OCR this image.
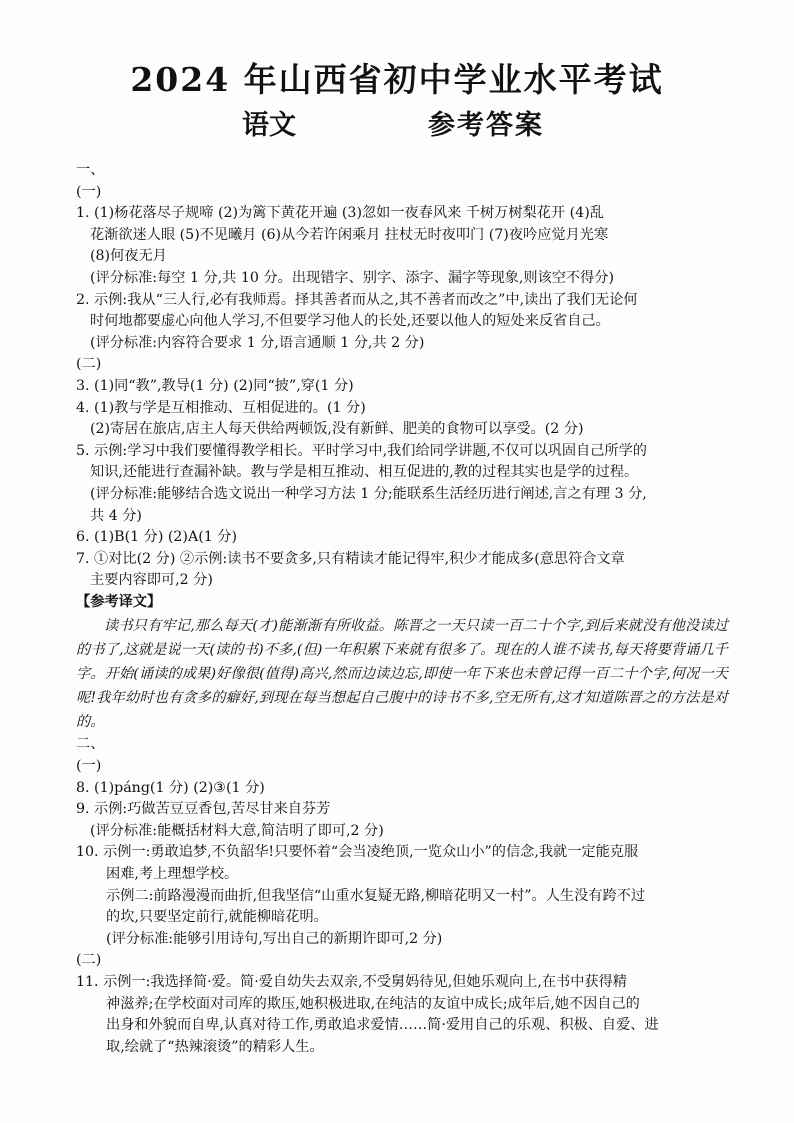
2024 年山西省初中学业水平考试
语文	参考答案
一、
(一)
1. (1)杨花落尽子规啼 (2)为篱下黄花开遍 (3)忽如一夜春风来 千树万树梨花开 (4)乱
花渐欲迷人眼 (5)不见曦月 (6)从今若许闲乘月 拄杖无时夜叩门 (7)夜吟应觉月光寒
(8)何夜无月
(评分标准:每空 1 分,共 10 分。出现错字、别字、添字、漏字等现象,则该空不得分)
2. 示例:我从“三人行,必有我师焉。择其善者而从之,其不善者而改之”中,读出了我们无论何
时何地都要虚心向他人学习,不但要学习他人的长处,还要以他人的短处来反省自己。
(评分标准:内容符合要求 1 分,语言通顺 1 分,共 2 分)
(二)
3. (1)同“教”,教导(1 分) (2)同“披”,穿(1 分)
4. (1)教与学是互相推动、互相促进的。(1 分)
(2)寄居在旅店,店主人每天供给两顿饭,没有新鲜、肥美的食物可以享受。(2 分)
5. 示例:学习中我们要懂得教学相长。平时学习中,我们给同学讲题,不仅可以巩固自己所学的
知识,还能进行查漏补缺。教与学是相互推动、相互促进的,教的过程其实也是学的过程。
(评分标准:能够结合选文说出一种学习方法 1 分;能联系生活经历进行阐述,言之有理 3 分,
共 4 分)
6. (1)B(1 分) (2)A(1 分)
7. ①对比(2 分) ②示例:读书不要贪多,只有精读才能记得牢,积少才能成多(意思符合文章
主要内容即可,2 分)
【参考译文】
读书只有牢记,那么每天(才)能渐渐有所收益。陈晋之一天只读一百二十个字,到后来就没有他没读过的书了,这就是说一天(读的书)不多,(但)一年积累下来就有很多了。现在的人谁不读书,每天将要背诵几千字。开始(诵读的成果)好像很(值得)高兴,然而边读边忘,即使一年下来也未曾记得一百二十个字,何况一天呢!我年幼时也有贪多的癖好,到现在每当想起自己腹中的诗书不多,空无所有,这才知道陈晋之的方法是对的。
二、
(一)
8. (1)páng(1 分) (2)③(1 分)
9. 示例:巧做苦豆豆香包,苦尽甘来自芬芳
(评分标准:能概括材料大意,简洁明了即可,2 分)
10. 示例一:勇敢追梦,不负韶华!只要怀着“会当凌绝顶,一览众山小”的信念,我就一定能克服
困难,考上理想学校。
示例二:前路漫漫而曲折,但我坚信“山重水复疑无路,柳暗花明又一村”。人生没有跨不过
的坎,只要坚定前行,就能柳暗花明。
(评分标准:能够引用诗句,写出自己的新期许即可,2 分)
(二)
11. 示例一:我选择简·爱。简·爱自幼失去双亲,不受舅妈待见,但她乐观向上,在书中获得精
神滋养;在学校面对司库的欺压,她积极进取,在纯洁的友谊中成长;成年后,她不因自己的
出身和外貌而自卑,认真对待工作,勇敢追求爱情……简·爱用自己的乐观、积极、自爱、进
取,绘就了“热辣滚烫”的精彩人生。
